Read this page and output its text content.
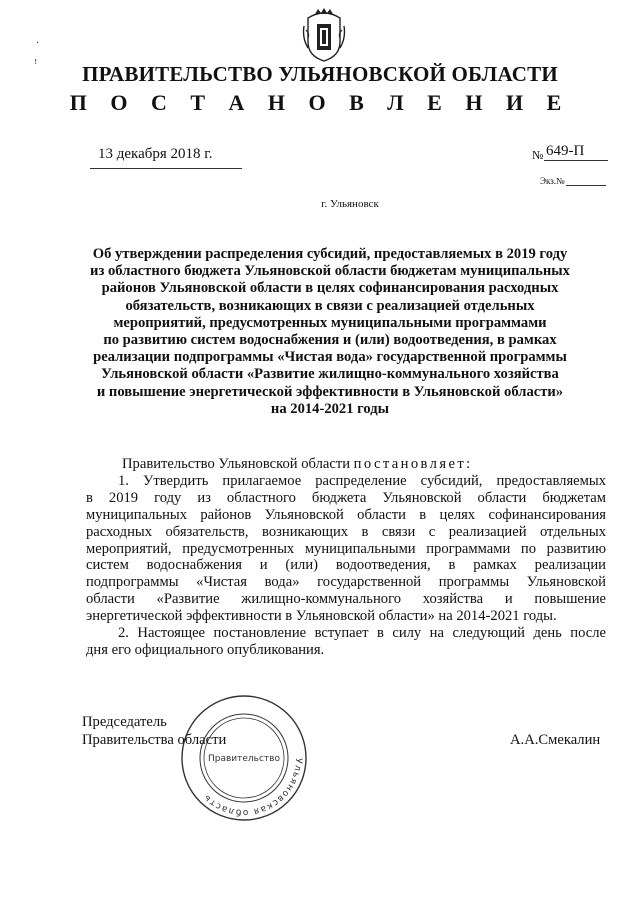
·
ꜝ	ПРАВИТЕЛЬСТВО УЛЬЯНОВСКОЙ ОБЛАСТИ
П О С Т А Н О В Л Е Н И Е
13 декабря 2018 г.	№ 649-П
Экз.№
г. Ульяновск
Об утверждении распределения субсидий, предоставляемых в 2019 году
из областного бюджета Ульяновской области бюджетам муниципальных
районов Ульяновской области в целях софинансирования расходных
обязательств, возникающих в связи с реализацией отдельных
мероприятий, предусмотренных муниципальными программами
по развитию систем водоснабжения и (или) водоотведения, в рамках
реализации подпрограммы «Чистая вода» государственной программы
Ульяновской области «Развитие жилищно-коммунального хозяйства
и повышение энергетической эффективности в Ульяновской области»
на 2014-2021 годы
Правительство Ульяновской области постановляет:
1. Утвердить прилагаемое распределение субсидий, предоставляемых
в 2019 году из областного бюджета Ульяновской области бюджетам
муниципальных районов Ульяновской области в целях софинансирования
расходных обязательств, возникающих в связи с реализацией отдельных
мероприятий, предусмотренных муниципальными программами по развитию
систем водоснабжения и (или) водоотведения, в рамках реализации
подпрограммы «Чистая вода» государственной программы Ульяновской
области «Развитие жилищно-коммунального хозяйства и повышение
энергетической эффективности в Ульяновской области» на 2014-2021 годы.
2. Настоящее постановление вступает в силу на следующий день после
дня его официального опубликования.
Ульяновская область
Правительство
Председатель
Правительства области	А.А.Смекалин
